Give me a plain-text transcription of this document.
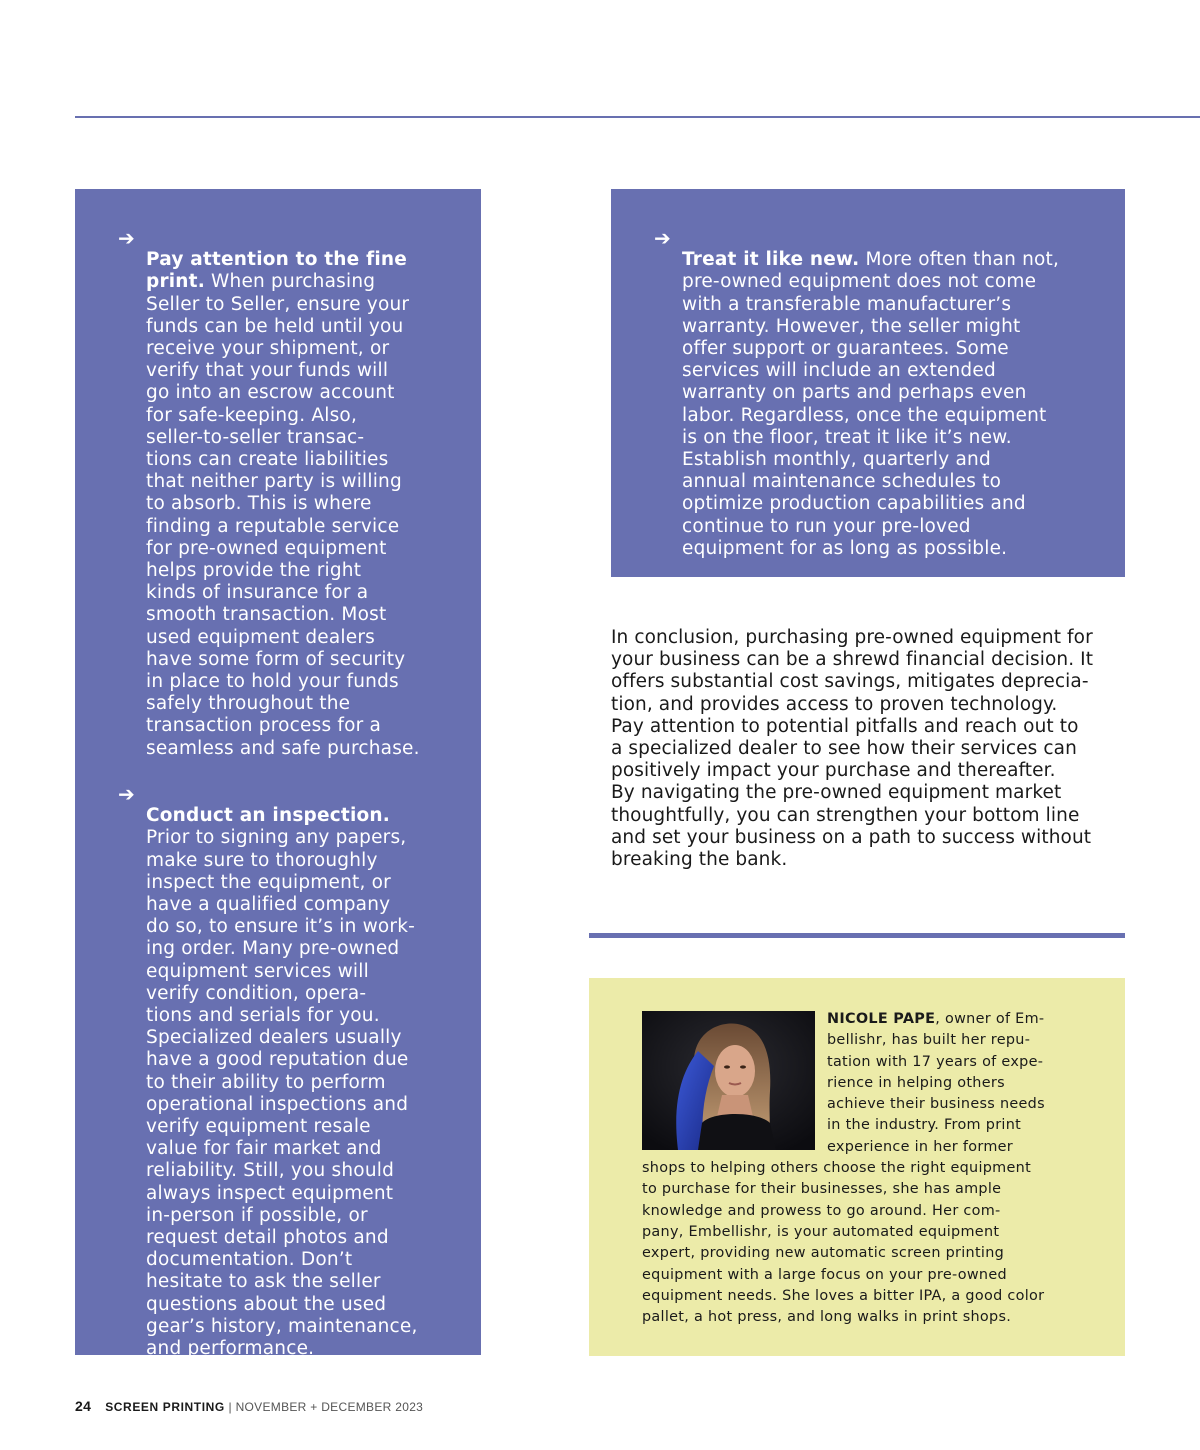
➔
Pay attention to the fine
print. When purchasing
Seller to Seller, ensure your
funds can be held until you
receive your shipment, or
verify that your funds will
go into an escrow account
for safe-keeping. Also,
seller-to-seller transac-
tions can create liabilities
that neither party is willing
to absorb. This is where
finding a reputable service
for pre-owned equipment
helps provide the right
kinds of insurance for a
smooth transaction. Most
used equipment dealers
have some form of security
in place to hold your funds
safely throughout the
transaction process for a
seamless and safe purchase.

➔
Conduct an inspection.
Prior to signing any papers,
make sure to thoroughly
inspect the equipment, or
have a qualified company
do so, to ensure it’s in work-
ing order. Many pre-owned
equipment services will
verify condition, opera-
tions and serials for you.
Specialized dealers usually
have a good reputation due
to their ability to perform
operational inspections and
verify equipment resale
value for fair market and
reliability. Still, you should
always inspect equipment
in-person if possible, or
request detail photos and
documentation. Don’t
hesitate to ask the seller
questions about the used
gear’s history, maintenance,
and performance.

➔
Treat it like new. More often than not,
pre-owned equipment does not come
with a transferable manufacturer’s
warranty. However, the seller might
offer support or guarantees. Some
services will include an extended
warranty on parts and perhaps even
labor. Regardless, once the equipment
is on the floor, treat it like it’s new.
Establish monthly, quarterly and
annual maintenance schedules to
optimize production capabilities and
continue to run your pre-loved
equipment for as long as possible.

In conclusion, purchasing pre-owned equipment for
your business can be a shrewd financial decision. It
offers substantial cost savings, mitigates deprecia-
tion, and provides access to proven technology.
Pay attention to potential pitfalls and reach out to
a specialized dealer to see how their services can
positively impact your purchase and thereafter.
By navigating the pre-owned equipment market
thoughtfully, you can strengthen your bottom line
and set your business on a path to success without
breaking the bank.
NICOLE PAPE, owner of Em-
bellishr, has built her repu-
tation with 17 years of expe-
rience in helping others
achieve their business needs
in the industry. From print
experience in her former
shops to helping others choose the right equipment
to purchase for their businesses, she has ample
knowledge and prowess to go around. Her com-
pany, Embellishr, is your automated equipment
expert, providing new automatic screen printing
equipment with a large focus on your pre-owned
equipment needs. She loves a bitter IPA, a good color
pallet, a hot press, and long walks in print shops.
24 SCREEN PRINTING | NOVEMBER + DECEMBER 2023
